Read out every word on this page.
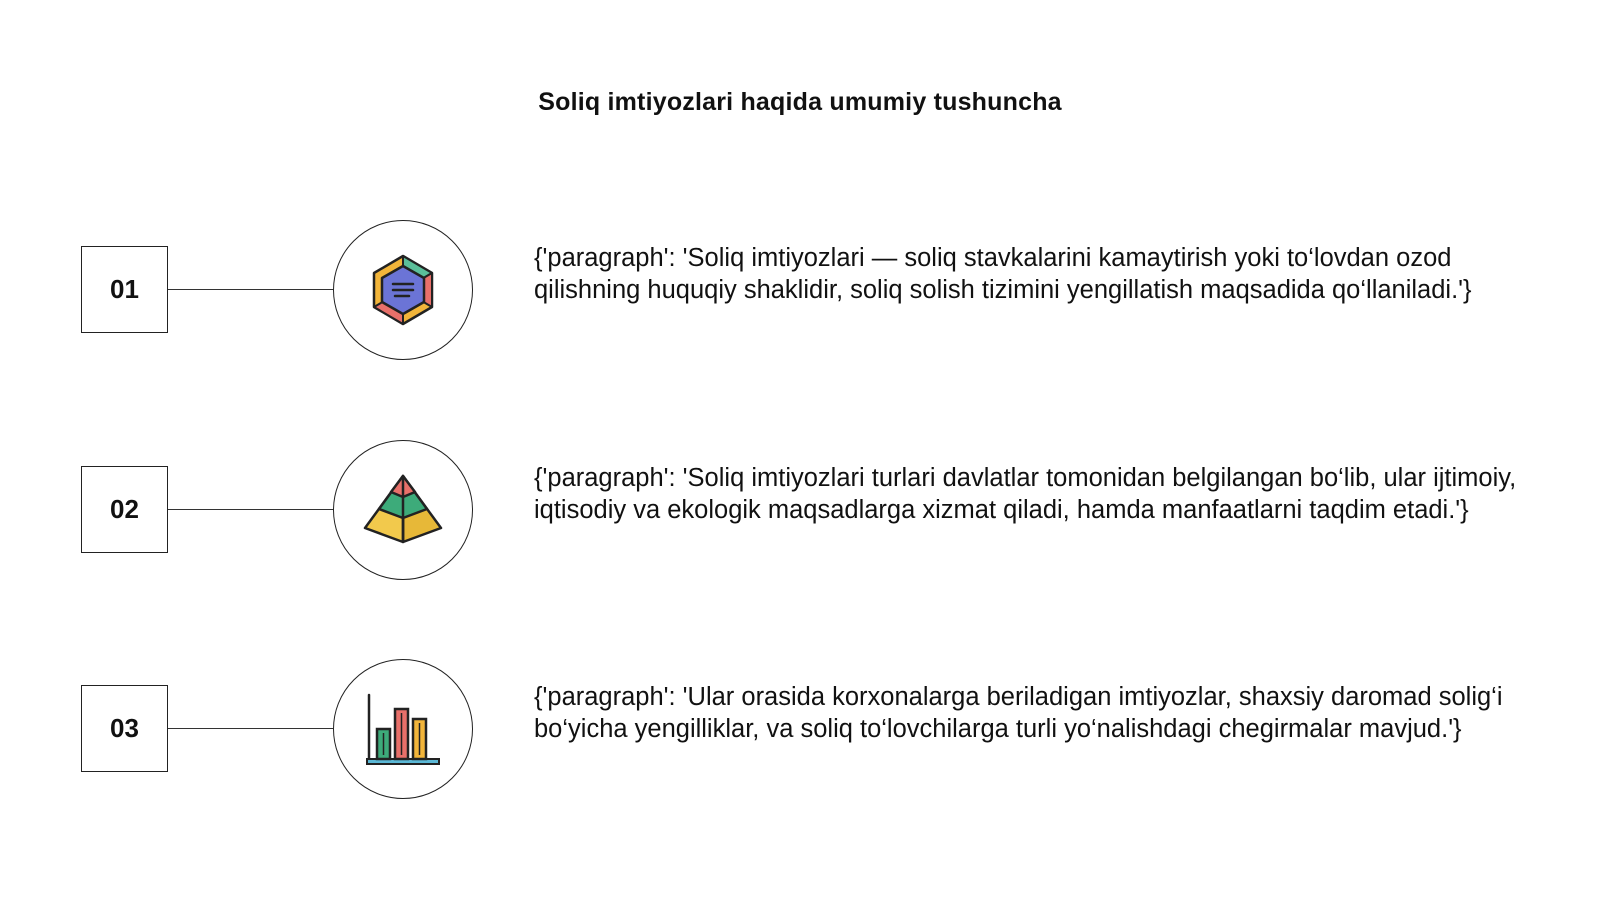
Soliq imtiyozlari haqida umumiy tushuncha
01
{'paragraph': 'Soliq imtiyozlari — soliq stavkalarini kamaytirish yoki to‘lovdan ozod qilishning huquqiy shaklidir, soliq solish tizimini yengillatish maqsadida qo‘llaniladi.'}
02
{'paragraph': 'Soliq imtiyozlari turlari davlatlar tomonidan belgilangan bo‘lib, ular ijtimoiy, iqtisodiy va ekologik maqsadlarga xizmat qiladi, hamda manfaatlarni taqdim etadi.'}
03
{'paragraph': 'Ular orasida korxonalarga beriladigan imtiyozlar, shaxsiy daromad solig‘i bo‘yicha yengilliklar, va soliq to‘lovchilarga turli yo‘nalishdagi chegirmalar mavjud.'}
